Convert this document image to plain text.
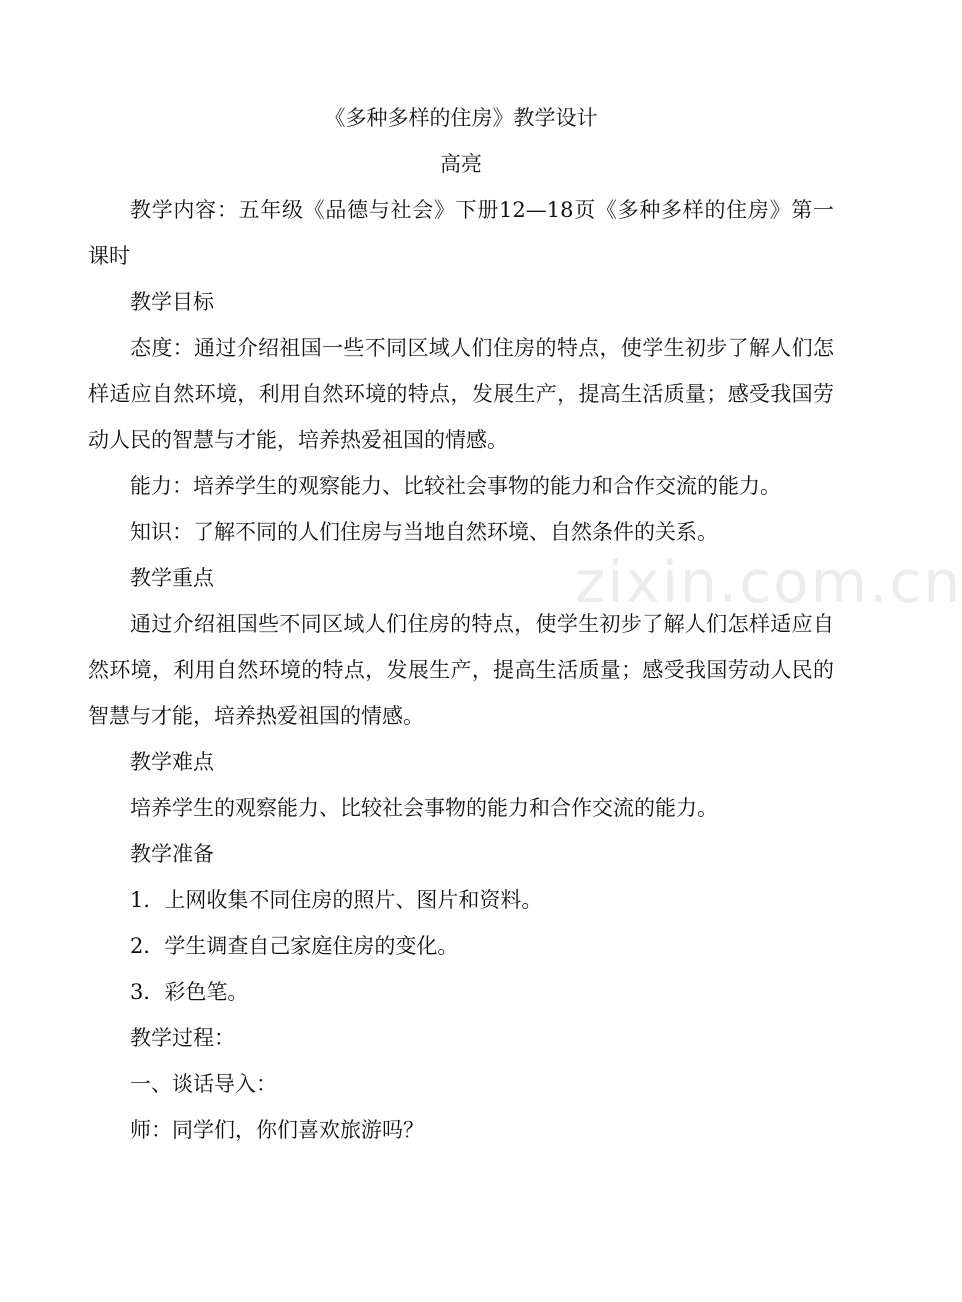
《多种多样的住房》教学设计
高亮

教学内容：五年级《品德与社会》下册12—18页《多种多样的住房》第一课时

教学目标

态度：通过介绍祖国一些不同区域人们住房的特点，使学生初步了解人们怎样适应自然环境，利用自然环境的特点，发展生产，提高生活质量；感受我国劳动人民的智慧与才能，培养热爱祖国的情感。

能力：培养学生的观察能力、比较社会事物的能力和合作交流的能力。

知识：了解不同的人们住房与当地自然环境、自然条件的关系。

教学重点

通过介绍祖国些不同区域人们住房的特点，使学生初步了解人们怎样适应自然环境，利用自然环境的特点，发展生产，提高生活质量；感受我国劳动人民的智慧与才能，培养热爱祖国的情感。

教学难点

培养学生的观察能力、比较社会事物的能力和合作交流的能力。

教学准备

1．上网收集不同住房的照片、图片和资料。

2．学生调查自己家庭住房的变化。

3．彩色笔。

教学过程：

一、谈话导入：

师：同学们，你们喜欢旅游吗？

zixin.com.cn
